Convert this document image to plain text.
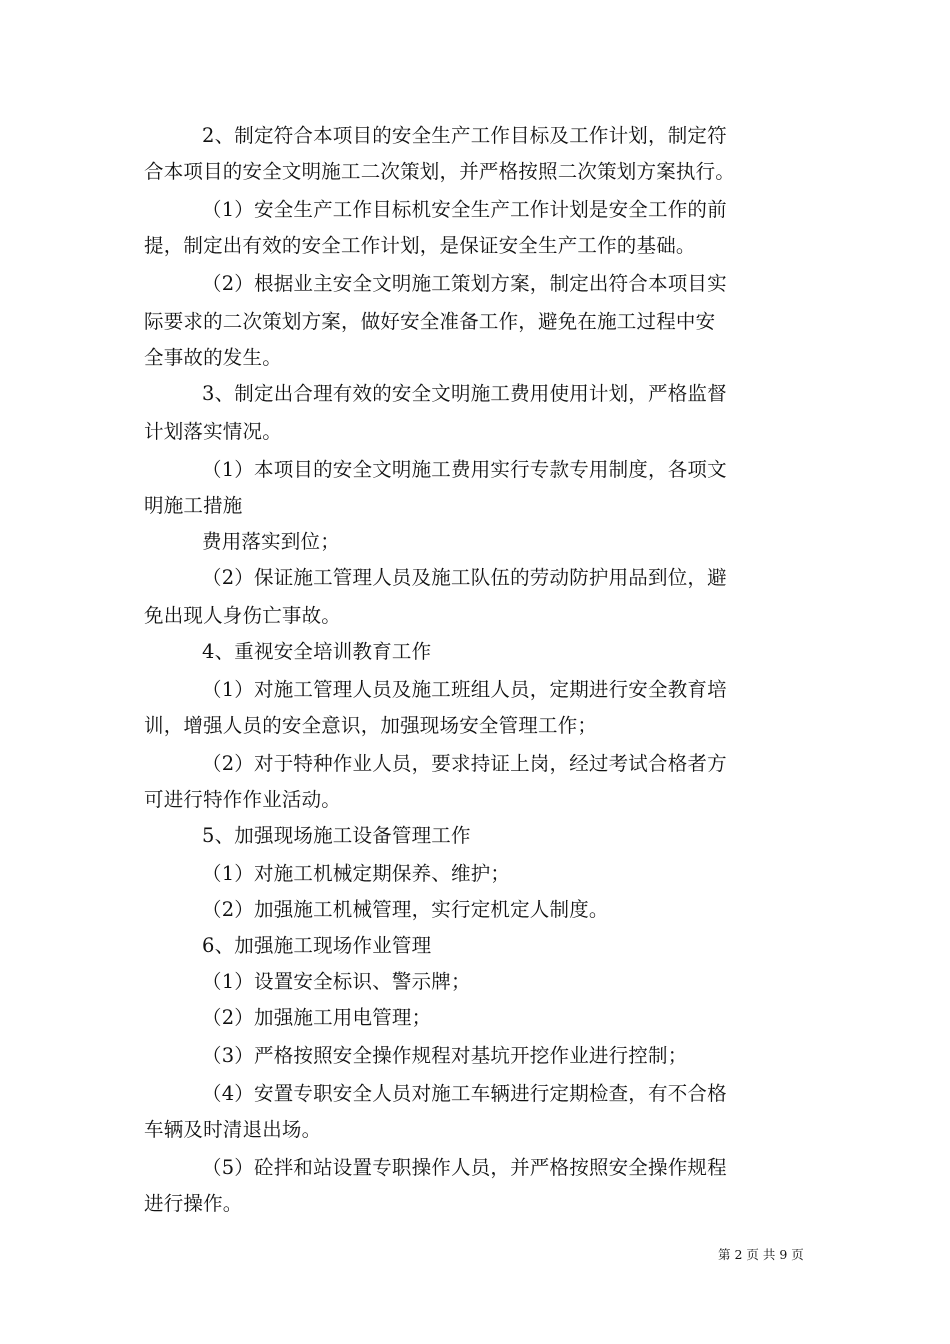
2、制定符合本项目的安全生产工作目标及工作计划，制定符
合本项目的安全文明施工二次策划，并严格按照二次策划方案执行。
（1）安全生产工作目标机安全生产工作计划是安全工作的前
提，制定出有效的安全工作计划，是保证安全生产工作的基础。
（2）根据业主安全文明施工策划方案，制定出符合本项目实
际要求的二次策划方案，做好安全准备工作，避免在施工过程中安
全事故的发生。
3、制定出合理有效的安全文明施工费用使用计划，严格监督
计划落实情况。
（1）本项目的安全文明施工费用实行专款专用制度，各项文
明施工措施
费用落实到位；
（2）保证施工管理人员及施工队伍的劳动防护用品到位，避
免出现人身伤亡事故。
4、重视安全培训教育工作
（1）对施工管理人员及施工班组人员，定期进行安全教育培
训，增强人员的安全意识，加强现场安全管理工作；
（2）对于特种作业人员，要求持证上岗，经过考试合格者方
可进行特作作业活动。
5、加强现场施工设备管理工作
（1）对施工机械定期保养、维护；
（2）加强施工机械管理，实行定机定人制度。
6、加强施工现场作业管理
（1）设置安全标识、警示牌；
（2）加强施工用电管理；
（3）严格按照安全操作规程对基坑开挖作业进行控制；
（4）安置专职安全人员对施工车辆进行定期检查，有不合格
车辆及时清退出场。
（5）砼拌和站设置专职操作人员，并严格按照安全操作规程
进行操作。
第 2 页 共 9 页
